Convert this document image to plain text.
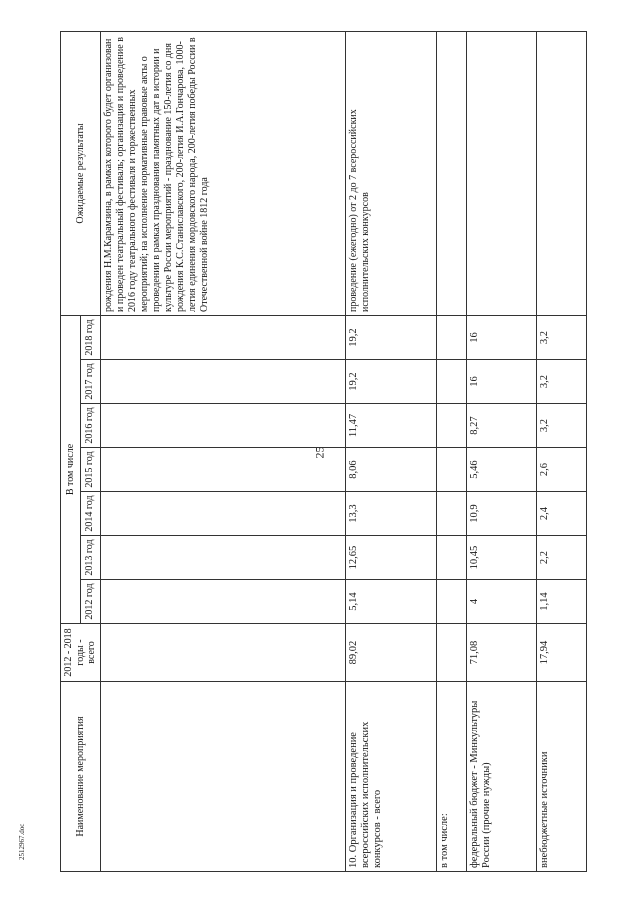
25
2512967.doc
Наименование мероприятия	2012 - 2018 годы - всего	В том числе							Ожидаемые результаты
		2012 год	2013 год	2014 год	2015 год	2016 год	2017 год	2018 год	
									рождения Н.М.Карамзина, в рамках которого будет организован и проведен театральный фестиваль; организация и проведение в 2016 году театрального фестиваля и торжественных мероприятий; на исполнение нормативные правовые акты о проведении в рамках празднования памятных дат в истории и культуре России мероприятий - празднование 150-летия со дня рождения К.С.Станиславского, 200-летия И.А.Гончарова, 1000-летия единения мордовского народа, 200-летия победы России в Отечественной войне 1812 года
10. Организация и проведение всероссийских исполнительских конкурсов - всего	89,02	5,14	12,65	13,3	8,06	11,47	19,2	19,2	проведение (ежегодно) от 2 до 7 всероссийских исполнительских конкурсов
в том числе:									
федеральный бюджет - Минкультуры России (прочие нужды)	71,08	4	10,45	10,9	5,46	8,27	16	16	
внебюджетные источники	17,94	1,14	2,2	2,4	2,6	3,2	3,2	3,2	
